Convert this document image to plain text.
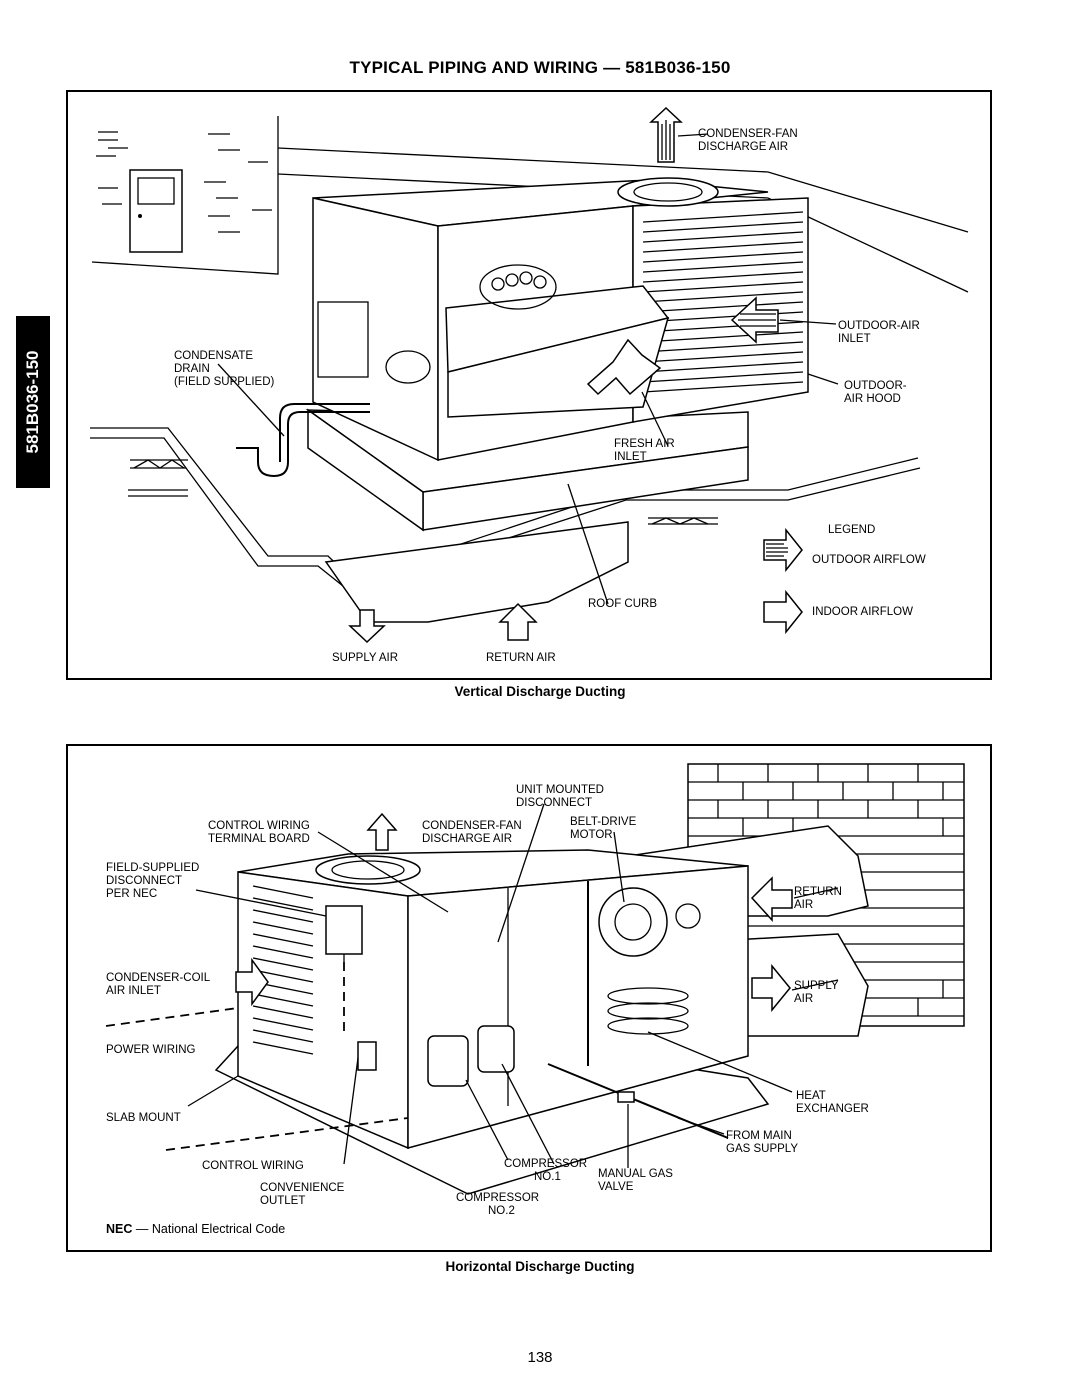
TYPICAL PIPING AND WIRING — 581B036-150
581B036-150
CONDENSER-FAN
DISCHARGE AIR
OUTDOOR-AIR
INLET
OUTDOOR-
AIR HOOD
CONDENSATE
DRAIN
(FIELD SUPPLIED)
FRESH AIR
INLET
ROOF CURB
SUPPLY AIR	RETURN AIR
LEGEND
OUTDOOR AIRFLOW
INDOOR AIRFLOW
Vertical Discharge Ducting
UNIT MOUNTED
DISCONNECT
CONTROL WIRING
TERMINAL BOARD
CONDENSER-FAN
DISCHARGE AIR
BELT-DRIVE
MOTOR
FIELD-SUPPLIED
DISCONNECT
PER NEC	RETURN
AIR
CONDENSER-COIL
AIR INLET	SUPPLY
AIR
POWER WIRING
HEAT
EXCHANGER
SLAB MOUNT
FROM MAIN
GAS SUPPLY
CONTROL WIRING	COMPRESSOR
NO.1	MANUAL GAS
VALVE
CONVENIENCE
OUTLET	COMPRESSOR
NO.2
NEC — National Electrical Code
Horizontal Discharge Ducting
138
